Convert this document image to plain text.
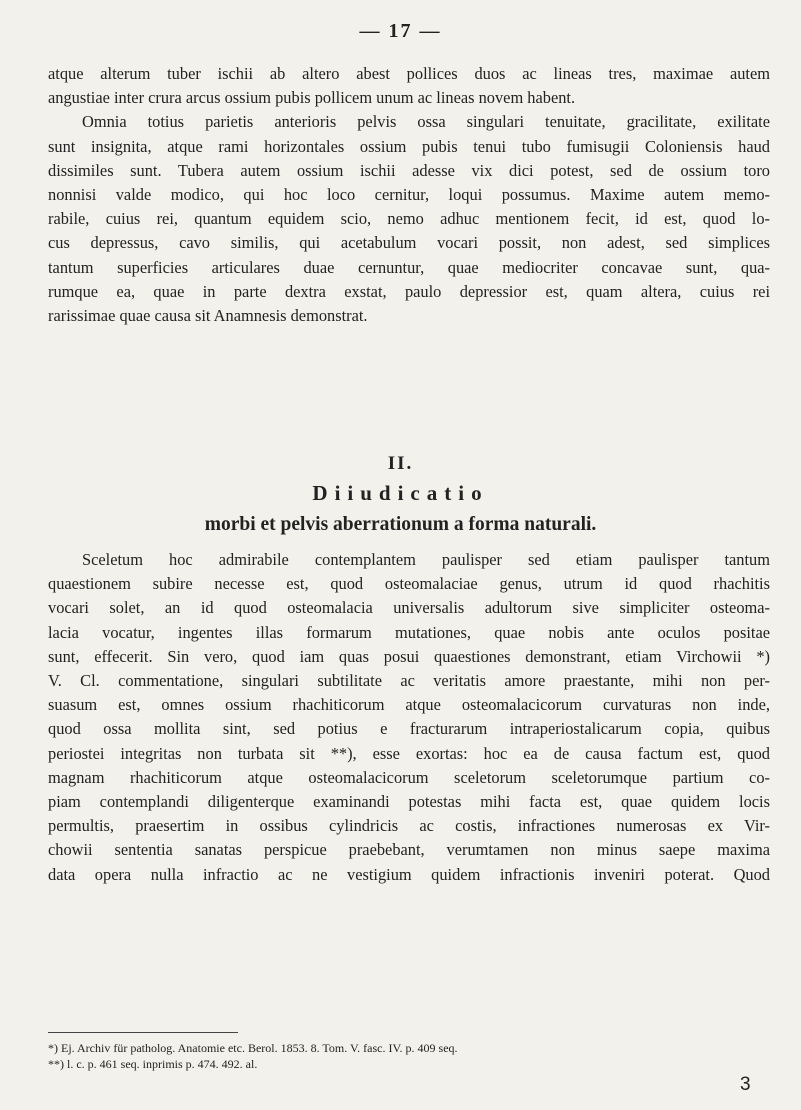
— 17 —
atque alterum tuber ischii ab altero abest pollices duos ac lineas tres, maximae autem
angustiae inter crura arcus ossium pubis pollicem unum ac lineas novem habent.
Omnia totius parietis anterioris pelvis ossa singulari tenuitate, gracilitate, exilitate
sunt insignita, atque rami horizontales ossium pubis tenui tubo fumisugii Coloniensis haud
dissimiles sunt. Tubera autem ossium ischii adesse vix dici potest, sed de ossium toro
nonnisi valde modico, qui hoc loco cernitur, loqui possumus. Maxime autem memo-
rabile, cuius rei, quantum equidem scio, nemo adhuc mentionem fecit, id est, quod lo-
cus depressus, cavo similis, qui acetabulum vocari possit, non adest, sed simplices
tantum superficies articulares duae cernuntur, quae mediocriter concavae sunt, qua-
rumque ea, quae in parte dextra exstat, paulo depressior est, quam altera, cuius rei
rarissimae quae causa sit Anamnesis demonstrat.
II.
Diiudicatio
morbi et pelvis aberrationum a forma naturali.
Sceletum hoc admirabile contemplantem paulisper sed etiam paulisper tantum
quaestionem subire necesse est, quod osteomalaciae genus, utrum id quod rhachitis
vocari solet, an id quod osteomalacia universalis adultorum sive simpliciter osteoma-
lacia vocatur, ingentes illas formarum mutationes, quae nobis ante oculos positae
sunt, effecerit. Sin vero, quod iam quas posui quaestiones demonstrant, etiam Virchowii *)
V. Cl. commentatione, singulari subtilitate ac veritatis amore praestante, mihi non per-
suasum est, omnes ossium rhachiticorum atque osteomalacicorum curvaturas non inde,
quod ossa mollita sint, sed potius e fracturarum intraperiostalicarum copia, quibus
periostei integritas non turbata sit **), esse exortas: hoc ea de causa factum est, quod
magnam rhachiticorum atque osteomalacicorum sceletorum sceletorumque partium co-
piam contemplandi diligenterque examinandi potestas mihi facta est, quae quidem locis
permultis, praesertim in ossibus cylindricis ac costis, infractiones numerosas ex Vir-
chowii sententia sanatas perspicue praebebant, verumtamen non minus saepe maxima
data opera nulla infractio ac ne vestigium quidem infractionis inveniri poterat. Quod
*) Ej. Archiv für patholog. Anatomie etc. Berol. 1853. 8. Tom. V. fasc. IV. p. 409 seq.
**) l. c. p. 461 seq. inprimis p. 474. 492. al.
3
